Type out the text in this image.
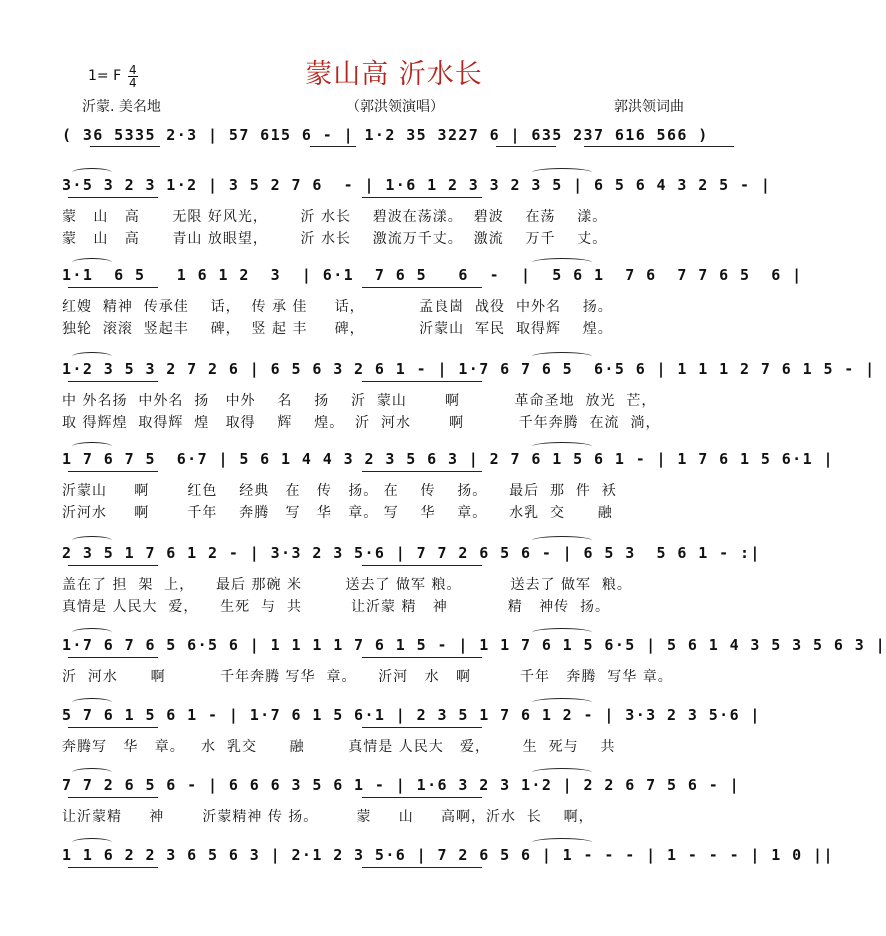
蒙山高 沂水长
1= F 4
4
沂蒙. 美名地	（郭洪领演唱）	郭洪领词曲
( 36 5335 2·3 | 57 615 6 - | 1·2 35 3227 6 | 635 237 616 566 )
3·5 3 2 3 1·2 | 3 5 2 7 6  - | 1·6 1 2 3 3 2 3 5 | 6 5 6 4 3 2 5 - |
蒙   山   高      无限 好风光，      沂 水长    碧波在荡漾。  碧波    在荡    漾。
蒙   山   高      青山 放眼望，      沂 水长    激流万千丈。  激流    万千    丈。
1·1  6 5   1 6 1 2  3  | 6·1  7 6 5   6  -  |  5 6 1  7 6  7 7 6 5  6 |
红嫂  精神  传承佳    话，  传 承 佳     话，          孟良崮  战役  中外名    扬。
独轮  滚滚  竖起丰    碑，  竖 起 丰     碑，          沂蒙山  军民  取得辉    煌。
1·2 3 5 3 2 7 2 6 | 6 5 6 3 2 6 1 - | 1·7 6 7 6 5  6·5 6 | 1 1 1 2 7 6 1 5 - |
中 外名扬  中外名  扬   中外    名    扬    沂  蒙山       啊          革命圣地  放光  芒，
取 得辉煌  取得辉  煌   取得    辉    煌。  沂  河水       啊          千年奔腾  在流  淌，
1 7 6 7 5  6·7 | 5 6 1 4 4 3 2 3 5 6 3 | 2 7 6 1 5 6 1 - | 1 7 6 1 5 6·1 |
沂蒙山     啊       红色    经典   在   传   扬。 在    传    扬。    最后  那  件  袄
沂河水     啊       千年    奔腾   写   华   章。 写    华    章。    水乳  交      融
2 3 5 1 7 6 1 2 - | 3·3 2 3 5·6 | 7 7 2 6 5 6 - | 6 5 3  5 6 1 - :|
盖在了 担  架  上，    最后 那碗 米        送去了 做军 粮。         送去了 做军  粮。
真情是 人民大  爱，    生死  与  共         让沂蒙 精   神           精   神传  扬。
1·7 6 7 6 5 6·5 6 | 1 1 1 1 7 6 1 5 - | 1 1 7 6 1 5 6·5 | 5 6 1 4 3 5 3 5 6 3 |
沂  河水      啊          千年奔腾 写华  章。    沂河   水   啊         千年   奔腾  写华 章。
5 7 6 1 5 6 1 - | 1·7 6 1 5 6·1 | 2 3 5 1 7 6 1 2 - | 3·3 2 3 5·6 |
奔腾写   华   章。   水  乳交      融        真情是 人民大   爱，      生  死与    共
7 7 2 6 5 6 - | 6 6 6 3 5 6 1 - | 1·6 3 2 3 1·2 | 2 2 6 7 5 6 - |
让沂蒙精     神       沂蒙精神 传 扬。       蒙     山     高啊，沂水  长    啊，
1 1 6 2 2 3 6 5 6 3 | 2·1 2 3 5·6 | 7 2 6 5 6 | 1 - - - | 1 - - - | 1 0 ||
